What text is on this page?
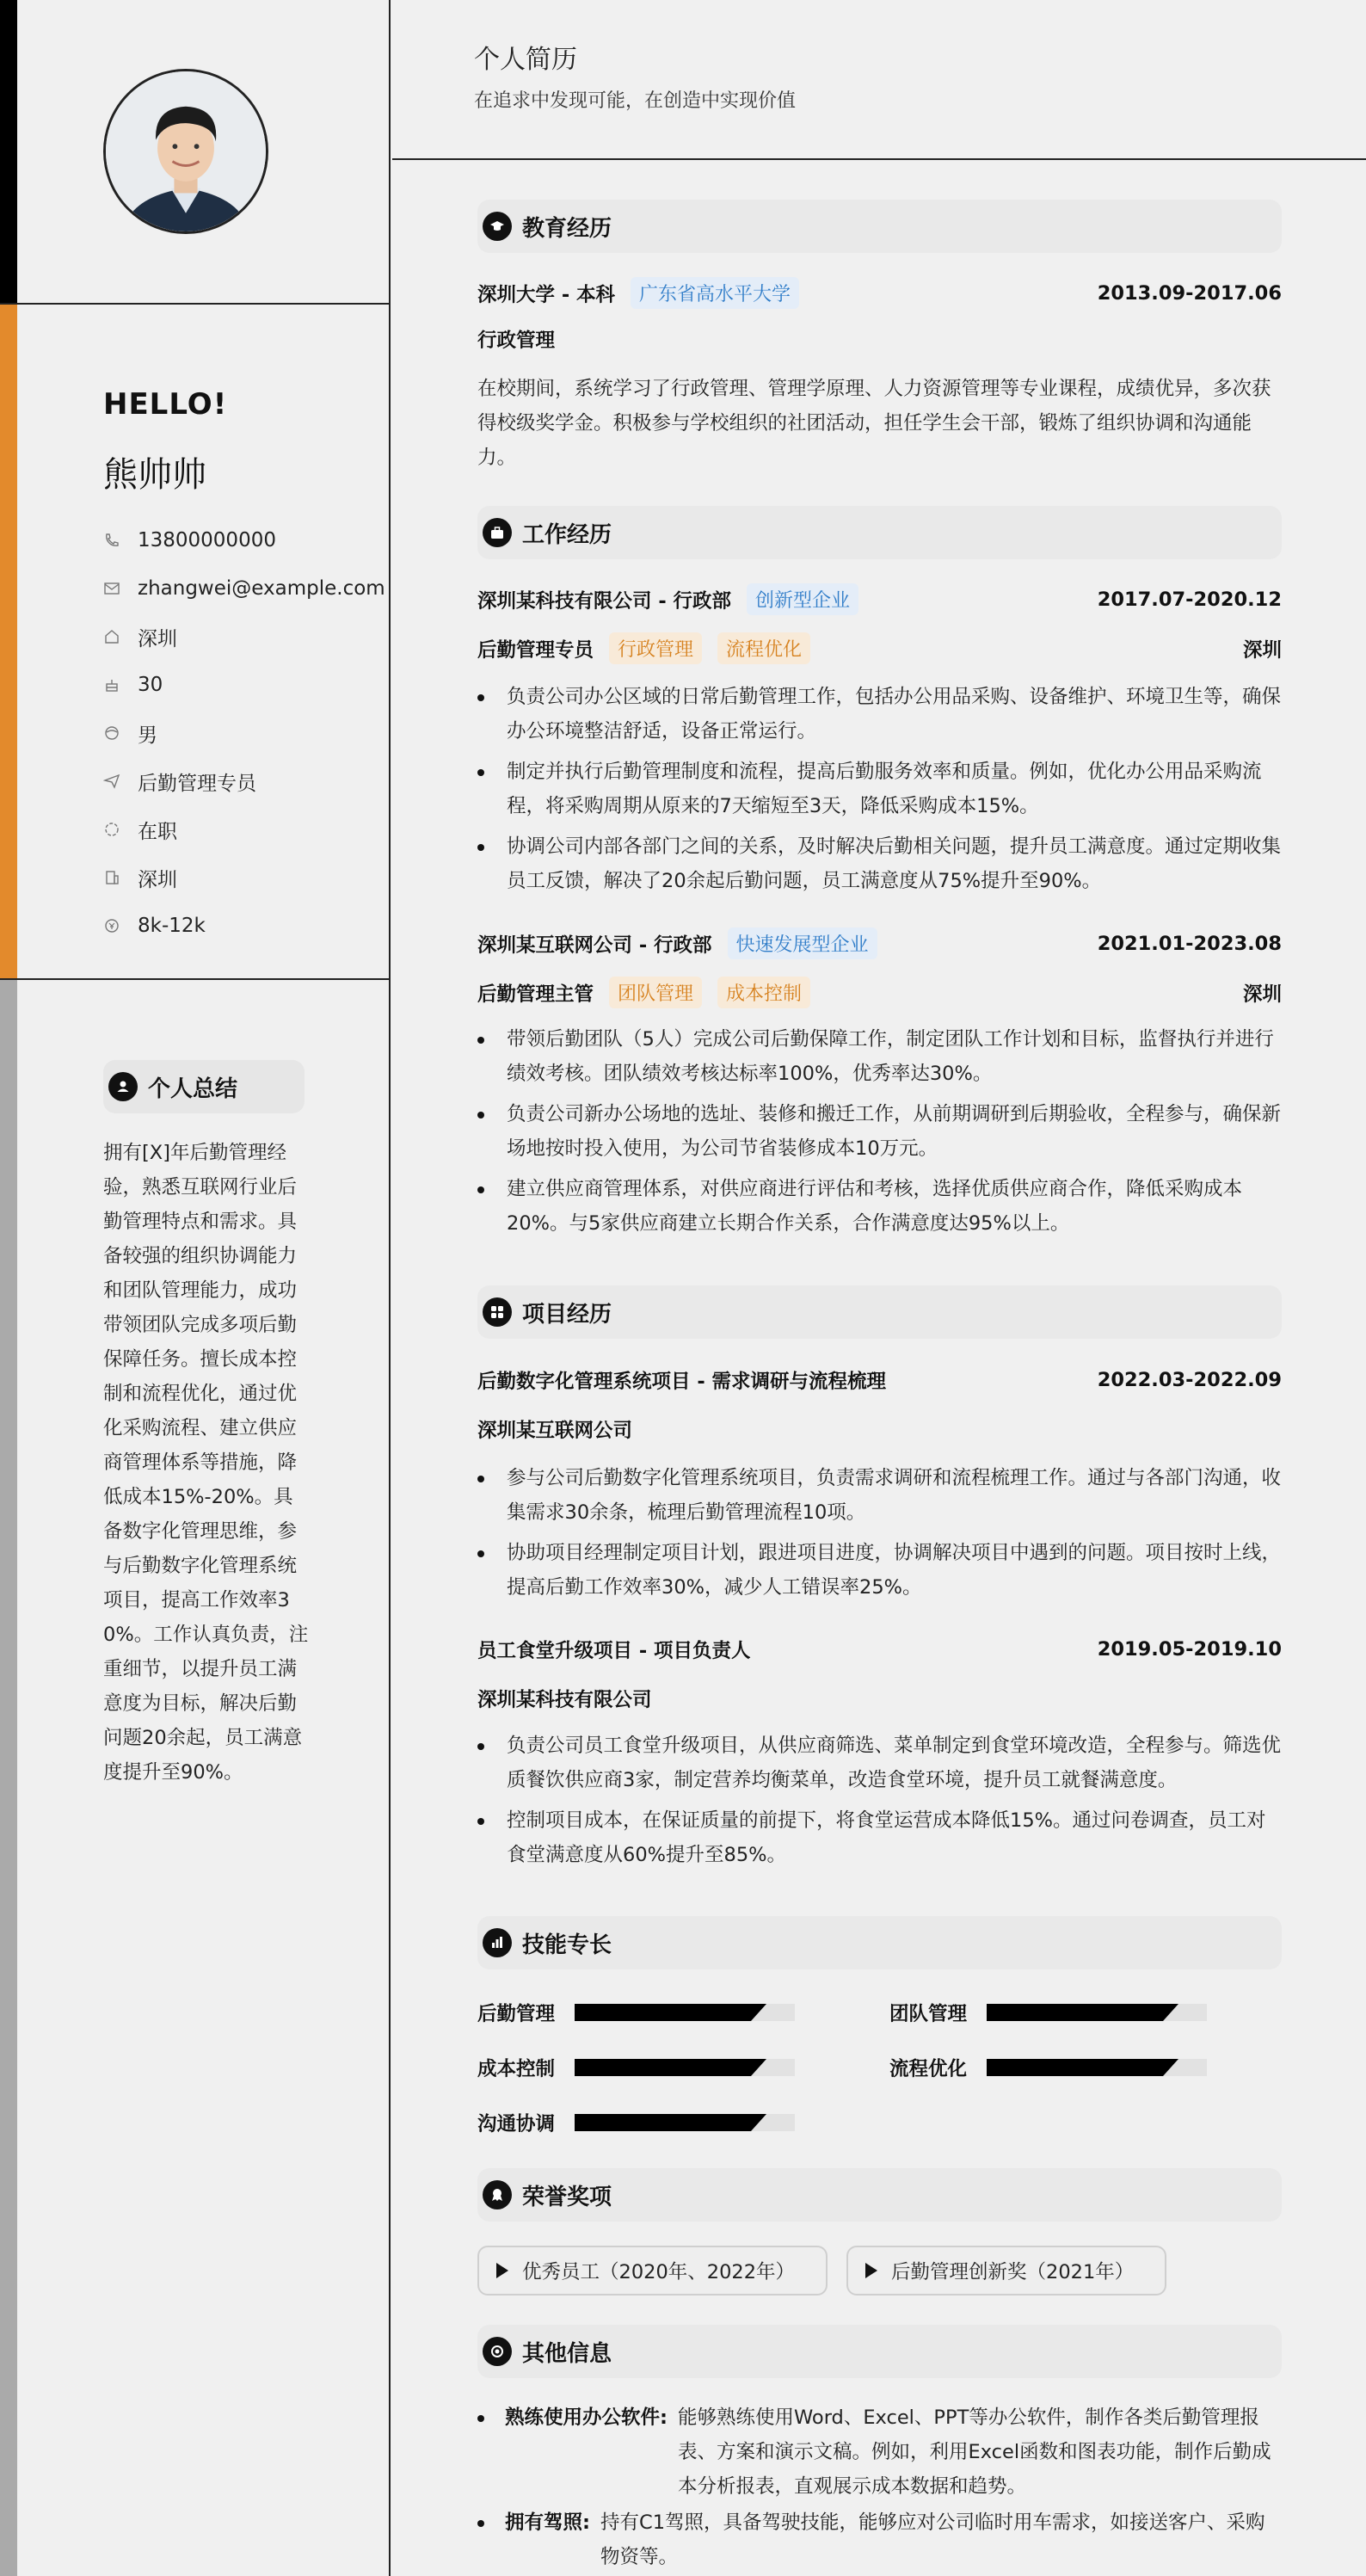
HELLO!
熊帅帅
13800000000
zhangwei@example.com
深圳
30
男
后勤管理专员
在职
深圳
8k-12k
个人总结
拥有[X]年后勤管理经验，熟悉互联网行业后勤管理特点和需求。具备较强的组织协调能力和团队管理能力，成功带领团队完成多项后勤保障任务。擅长成本控制和流程优化，通过优化采购流程、建立供应商管理体系等措施，降低成本15%-20%。具备数字化管理思维，参与后勤数字化管理系统项目，提高工作效率30%。工作认真负责，注重细节，以提升员工满意度为目标，解决后勤问题20余起，员工满意度提升至90%。
个人简历
在追求中发现可能，在创造中实现价值
教育经历
深圳大学 - 本科	广东省高水平大学	2013.09-2017.06
行政管理
在校期间，系统学习了行政管理、管理学原理、人力资源管理等专业课程，成绩优异，多次获得校级奖学金。积极参与学校组织的社团活动，担任学生会干部，锻炼了组织协调和沟通能力。
工作经历
深圳某科技有限公司 - 行政部	创新型企业	2017.07-2020.12
后勤管理专员	行政管理	流程优化	深圳
负责公司办公区域的日常后勤管理工作，包括办公用品采购、设备维护、环境卫生等，确保办公环境整洁舒适，设备正常运行。
制定并执行后勤管理制度和流程，提高后勤服务效率和质量。例如，优化办公用品采购流程，将采购周期从原来的7天缩短至3天，降低采购成本15%。
协调公司内部各部门之间的关系，及时解决后勤相关问题，提升员工满意度。通过定期收集员工反馈，解决了20余起后勤问题，员工满意度从75%提升至90%。
深圳某互联网公司 - 行政部	快速发展型企业	2021.01-2023.08
后勤管理主管	团队管理	成本控制	深圳
带领后勤团队（5人）完成公司后勤保障工作，制定团队工作计划和目标，监督执行并进行绩效考核。团队绩效考核达标率100%，优秀率达30%。
负责公司新办公场地的选址、装修和搬迁工作，从前期调研到后期验收，全程参与，确保新场地按时投入使用，为公司节省装修成本10万元。
建立供应商管理体系，对供应商进行评估和考核，选择优质供应商合作，降低采购成本20%。与5家供应商建立长期合作关系，合作满意度达95%以上。
项目经历
后勤数字化管理系统项目 - 需求调研与流程梳理	2022.03-2022.09
深圳某互联网公司
参与公司后勤数字化管理系统项目，负责需求调研和流程梳理工作。通过与各部门沟通，收集需求30余条，梳理后勤管理流程10项。
协助项目经理制定项目计划，跟进项目进度，协调解决项目中遇到的问题。项目按时上线，提高后勤工作效率30%，减少人工错误率25%。
员工食堂升级项目 - 项目负责人	2019.05-2019.10
深圳某科技有限公司
负责公司员工食堂升级项目，从供应商筛选、菜单制定到食堂环境改造，全程参与。筛选优质餐饮供应商3家，制定营养均衡菜单，改造食堂环境，提升员工就餐满意度。
控制项目成本，在保证质量的前提下，将食堂运营成本降低15%。通过问卷调查，员工对食堂满意度从60%提升至85%。
技能专长
后勤管理	团队管理
成本控制	流程优化
沟通协调
荣誉奖项
优秀员工（2020年、2022年）	后勤管理创新奖（2021年）
其他信息
熟练使用办公软件: 能够熟练使用Word、Excel、PPT等办公软件，制作各类后勤管理报表、方案和演示文稿。例如，利用Excel函数和图表功能，制作后勤成本分析报表，直观展示成本数据和趋势。
拥有驾照: 持有C1驾照，具备驾驶技能，能够应对公司临时用车需求，如接送客户、采购物资等。
